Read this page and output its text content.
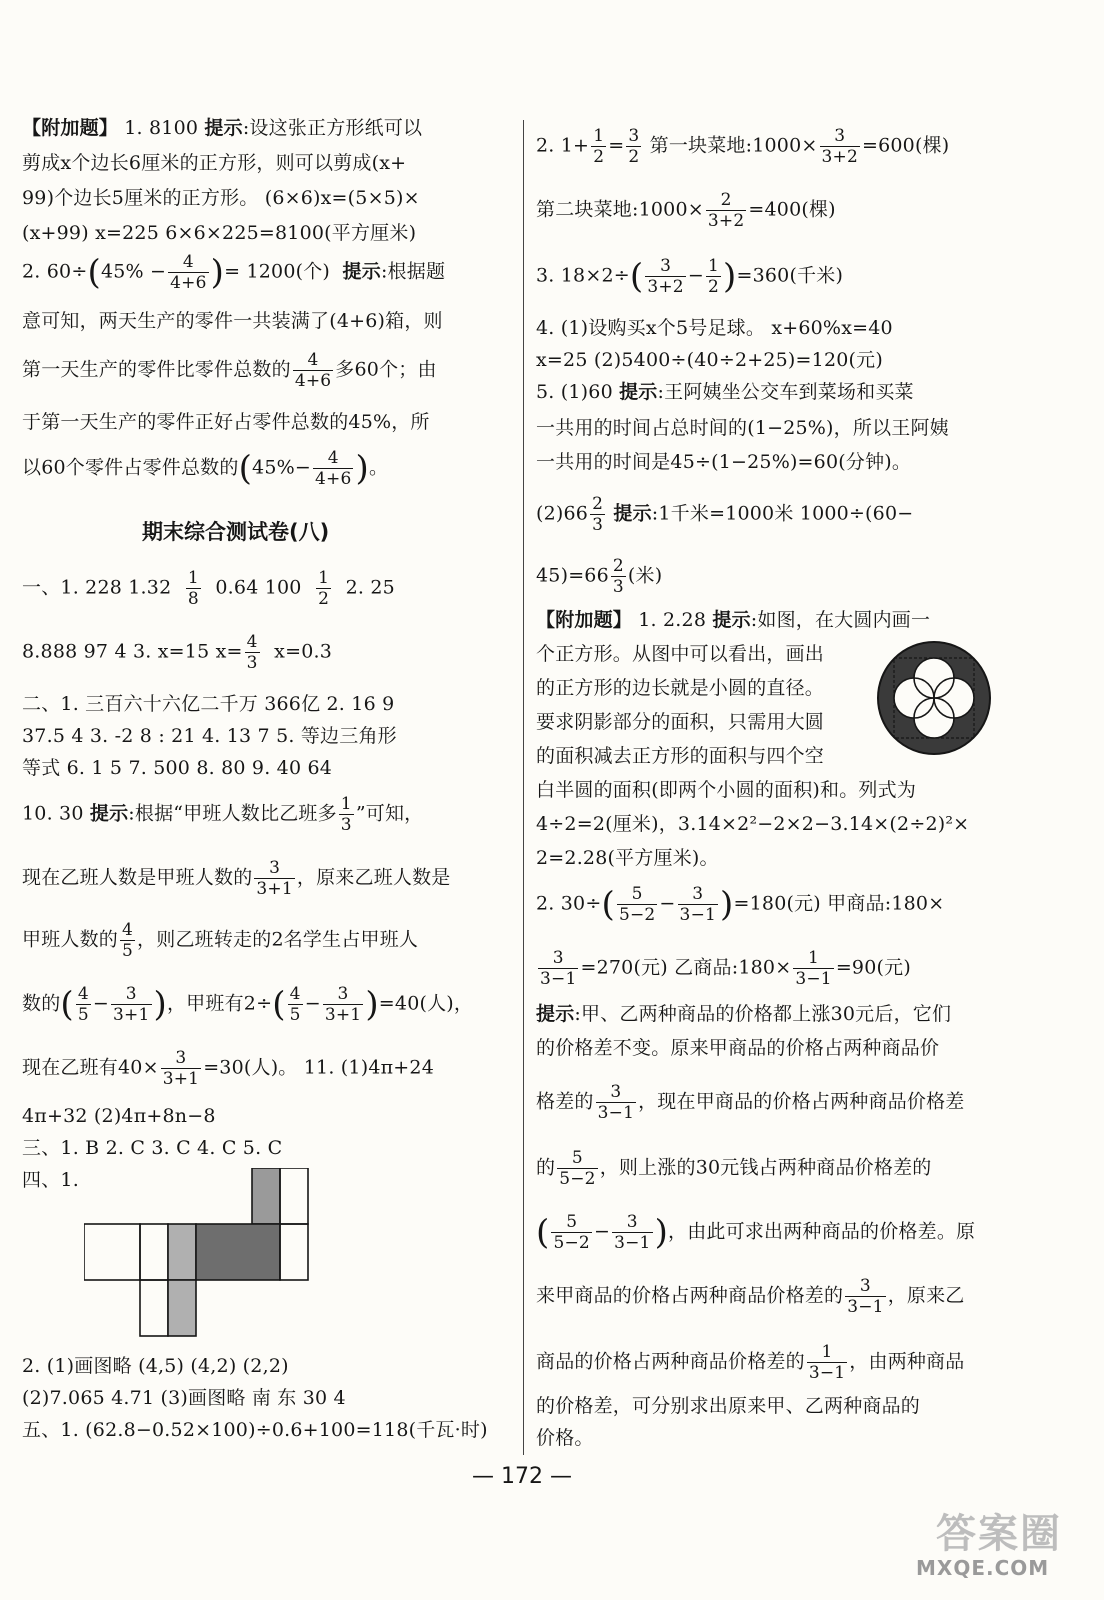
【附加题】 1. 8100 提示:设这张正方形纸可以
剪成x个边长6厘米的正方形，则可以剪成(x+
99)个边长5厘米的正方形。 (6×6)x=(5×5)×
(x+99) x=225 6×6×225=8100(平方厘米)
2. $60\div(45\% - \frac{4}{4+6}$ )= 1200(个) 提示:根据题
意可知，两天生产的零件一共装满了(4+6)箱，则
第一天生产的零件比零件总数的 $\frac{4}{4+6}$ 多60个；由
于第一天生产的零件正好占零件总数的45%，所
以60个零件占零件总数的($45\%- \frac{4}{4+6}$ )。
期末综合测试卷(八)
一、1. 228 $1.32 \frac{1}{8} 0.64$ $100 \frac{1}{2} 2$. 25
8.888 97 4 3. x=15 $x= \frac{4}{3} x=0.3$
二、1. 三百六十六亿二千万 366亿 2. 16 9
37.5 4 3. -2 8 : 21 4. 13 7 5. 等边三角形
等式 6. 1 5 7. 500 8. 80 9. 40 64
10. 30 提示:根据“甲班人数比乙班多 $\frac{1}{3}$ ”可知，
现在乙班人数是甲班人数的 $\frac{3}{3+1}$ ，原来乙班人数是
甲班人数的 $\frac{4}{5}$ ，则乙班转走的2名学生占甲班人
数的( $\frac{4}{5} - \frac{3}{3+1}$ )，甲班有$2\div( \frac{4}{5} - \frac{3}{3+1} )=40$(人)，
现在乙班有$40\times \frac{3}{3+1} =30$(人)。 11. (1)4π+24
4π+32 (2)4π+8n−8
三、1. B 2. C 3. C 4. C 5. C
四、1.
2. (1)画图略 (4,5) (4,2) (2,2)
(2)7.065 4.71 (3)画图略 南 东 30 4
五、1. (62.8−0.52×100)÷0.6+100=118(千瓦·时)
2. $1+ \frac{1}{2} = \frac{3}{2}$ 第一块菜地:1000× $\frac{3}{3+2} =600$(棵)
第二块菜地:1000× $\frac{2}{3+2} =400$(棵)
3. $18\times 2\div( \frac{3}{3+2} - \frac{1}{2} )=360$(千米)
4. (1)设购买x个5号足球。 x+60%x=40
x=25 (2)5400÷(40÷2+25)=120(元)
5. (1)60 提示:王阿姨坐公交车到菜场和买菜
一共用的时间占总时间的(1−25%)，所以王阿姨
一共用的时间是45÷(1−25%)=60(分钟)。
$(2)66 \frac{2}{3}$ 提示:1千米=1000米 1000÷(60−
$45)=66 \frac{2}{3}$ (米)
【附加题】 1. 2.28 提示:如图，在大圆内画一
个正方形。从图中可以看出，画出
的正方形的边长就是小圆的直径。
要求阴影部分的面积，只需用大圆
的面积减去正方形的面积与四个空
白半圆的面积(即两个小圆的面积)和。列式为
4÷2=2(厘米)，3.14×2²−2×2−3.14×(2÷2)²×
2=2.28(平方厘米)。
2. $30\div( \frac{5}{5-2} - \frac{3}{3-1} )=180$(元) 甲商品:180×
$\frac{3}{3-1} =270$(元) 乙商品:180× $\frac{1}{3-1} =90$(元)
提示:甲、乙两种商品的价格都上涨30元后，它们
的价格差不变。原来甲商品的价格占两种商品价
格差的 $\frac{3}{3-1}$ ，现在甲商品的价格占两种商品价格差
的 $\frac{5}{5-2}$ ，则上涨的30元钱占两种商品价格差的
( $\frac{5}{5-2} - \frac{3}{3-1}$ )，由此可求出两种商品的价格差。原
来甲商品的价格占两种商品价格差的 $\frac{3}{3-1}$ ，原来乙
商品的价格占两种商品价格差的 $\frac{1}{3-1}$ ，由两种商品
的价格差，可分别求出原来甲、乙两种商品的
价格。
— 172 —
答案圈
MXQE.COM
